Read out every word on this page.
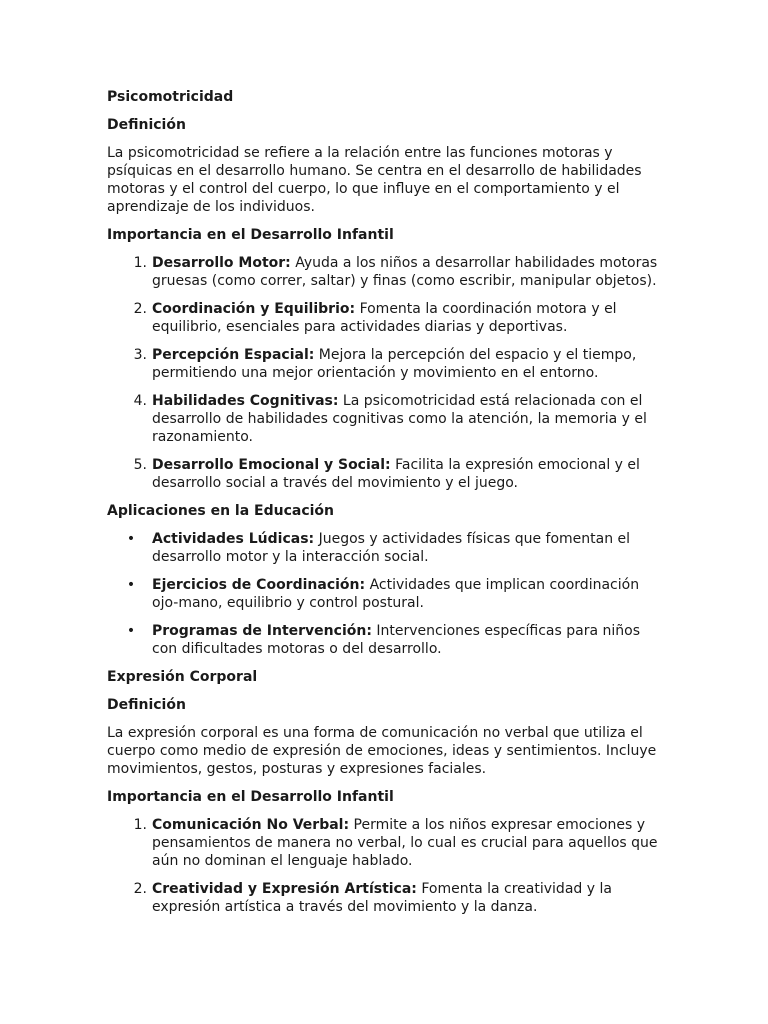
Psicomotricidad
Definición
La psicomotricidad se refiere a la relación entre las funciones motoras y psíquicas en el desarrollo humano. Se centra en el desarrollo de habilidades motoras y el control del cuerpo, lo que influye en el comportamiento y el aprendizaje de los individuos.
Importancia en el Desarrollo Infantil
1. Desarrollo Motor: Ayuda a los niños a desarrollar habilidades motoras gruesas (como correr, saltar) y finas (como escribir, manipular objetos).
2. Coordinación y Equilibrio: Fomenta la coordinación motora y el equilibrio, esenciales para actividades diarias y deportivas.
3. Percepción Espacial: Mejora la percepción del espacio y el tiempo, permitiendo una mejor orientación y movimiento en el entorno.
4. Habilidades Cognitivas: La psicomotricidad está relacionada con el desarrollo de habilidades cognitivas como la atención, la memoria y el razonamiento.
5. Desarrollo Emocional y Social: Facilita la expresión emocional y el desarrollo social a través del movimiento y el juego.
Aplicaciones en la Educación
• Actividades Lúdicas: Juegos y actividades físicas que fomentan el desarrollo motor y la interacción social.
• Ejercicios de Coordinación: Actividades que implican coordinación ojo-mano, equilibrio y control postural.
• Programas de Intervención: Intervenciones específicas para niños con dificultades motoras o del desarrollo.
Expresión Corporal
Definición
La expresión corporal es una forma de comunicación no verbal que utiliza el cuerpo como medio de expresión de emociones, ideas y sentimientos. Incluye movimientos, gestos, posturas y expresiones faciales.
Importancia en el Desarrollo Infantil
1. Comunicación No Verbal: Permite a los niños expresar emociones y pensamientos de manera no verbal, lo cual es crucial para aquellos que aún no dominan el lenguaje hablado.
2. Creatividad y Expresión Artística: Fomenta la creatividad y la expresión artística a través del movimiento y la danza.
